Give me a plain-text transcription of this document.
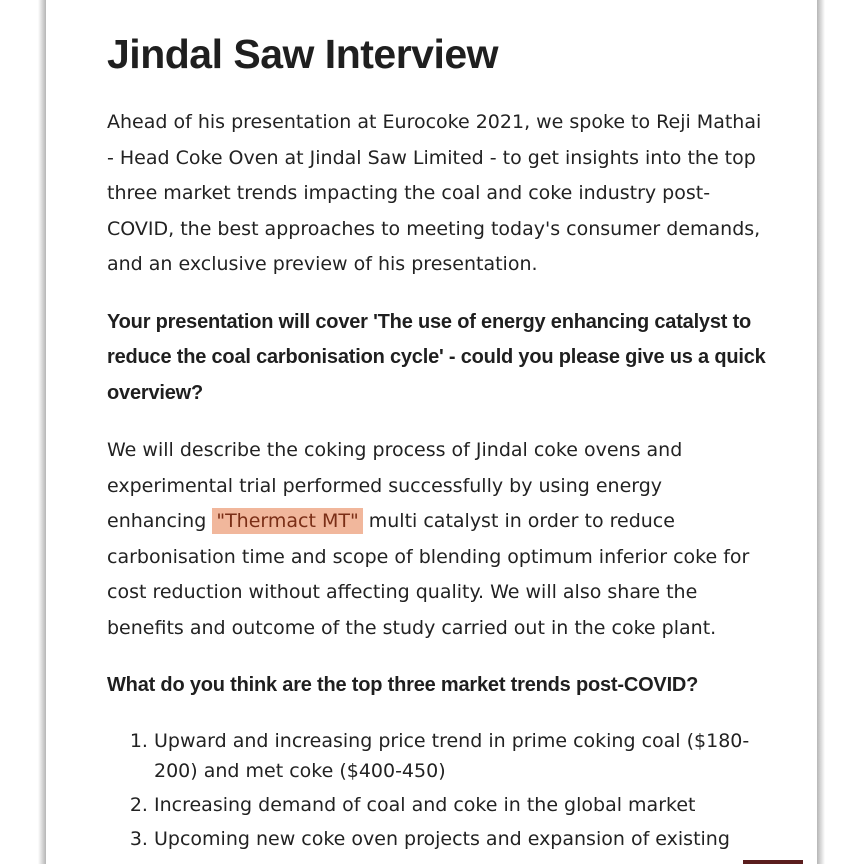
Jindal Saw Interview

Ahead of his presentation at Eurocoke 2021, we spoke to Reji Mathai - Head Coke Oven at Jindal Saw Limited - to get insights into the top three market trends impacting the coal and coke industry post-COVID, the best approaches to meeting today's consumer demands, and an exclusive preview of his presentation.

Your presentation will cover 'The use of energy enhancing catalyst to reduce the coal carbonisation cycle' - could you please give us a quick overview?

We will describe the coking process of Jindal coke ovens and experimental trial performed successfully by using energy enhancing "Thermact MT" multi catalyst in order to reduce carbonisation time and scope of blending optimum inferior coke for cost reduction without affecting quality. We will also share the benefits and outcome of the study carried out in the coke plant.

What do you think are the top three market trends post-COVID?

1. Upward and increasing price trend in prime coking coal ($180-200) and met coke ($400-450)
2. Increasing demand of coal and coke in the global market
3. Upcoming new coke oven projects and expansion of existing
